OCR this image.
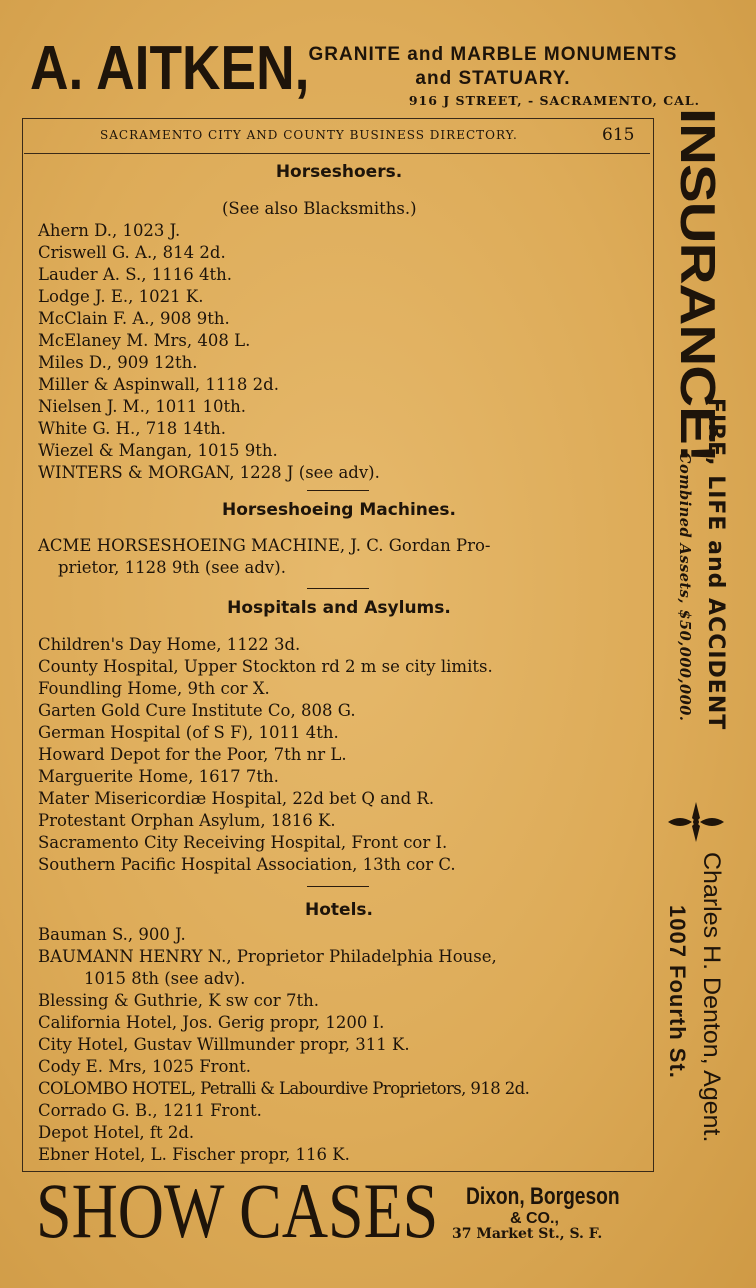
A. AITKEN, GRANITE and MARBLE MONUMENTS
and STATUARY.
916 J STREET, - SACRAMENTO, CAL.
SACRAMENTO CITY AND COUNTY BUSINESS DIRECTORY.	615
Horseshoers.
(See also Blacksmiths.)
Ahern D., 1023 J.
Criswell G. A., 814 2d.
Lauder A. S., 1116 4th.
Lodge J. E., 1021 K.
McClain F. A., 908 9th.
McElaney M. Mrs, 408 L.
Miles D., 909 12th.
Miller & Aspinwall, 1118 2d.
Nielsen J. M., 1011 10th.
White G. H., 718 14th.
Wiezel & Mangan, 1015 9th.
WINTERS & MORGAN, 1228 J (see adv).
Horseshoeing Machines.
ACME HORSESHOEING MACHINE, J. C. Gordan Pro-
prietor, 1128 9th (see adv).
Hospitals and Asylums.
Children's Day Home, 1122 3d.
County Hospital, Upper Stockton rd 2 m se city limits.
Foundling Home, 9th cor X.
Garten Gold Cure Institute Co, 808 G.
German Hospital (of S F), 1011 4th.
Howard Depot for the Poor, 7th nr L.
Marguerite Home, 1617 7th.
Mater Misericordiæ Hospital, 22d bet Q and R.
Protestant Orphan Asylum, 1816 K.
Sacramento City Receiving Hospital, Front cor I.
Southern Pacific Hospital Association, 13th cor C.
Hotels.
Bauman S., 900 J.
BAUMANN HENRY N., Proprietor Philadelphia House,
1015 8th (see adv).
Blessing & Guthrie, K sw cor 7th.
California Hotel, Jos. Gerig propr, 1200 I.
City Hotel, Gustav Willmunder propr, 311 K.
Cody E. Mrs, 1025 Front.
COLOMBO HOTEL, Petralli & Labourdive Proprietors, 918 2d.
Corrado G. B., 1211 Front.
Depot Hotel, ft 2d.
Ebner Hotel, L. Fischer propr, 116 K.
SHOW CASES Dixon, Borgeson
& CO.,
37 Market St., S. F.
INSURANCE!
FIRE, LIFE and ACCIDENT
Combined Assets, $50,000,000.
Charles H. Denton, Agent.
1007 Fourth St.
